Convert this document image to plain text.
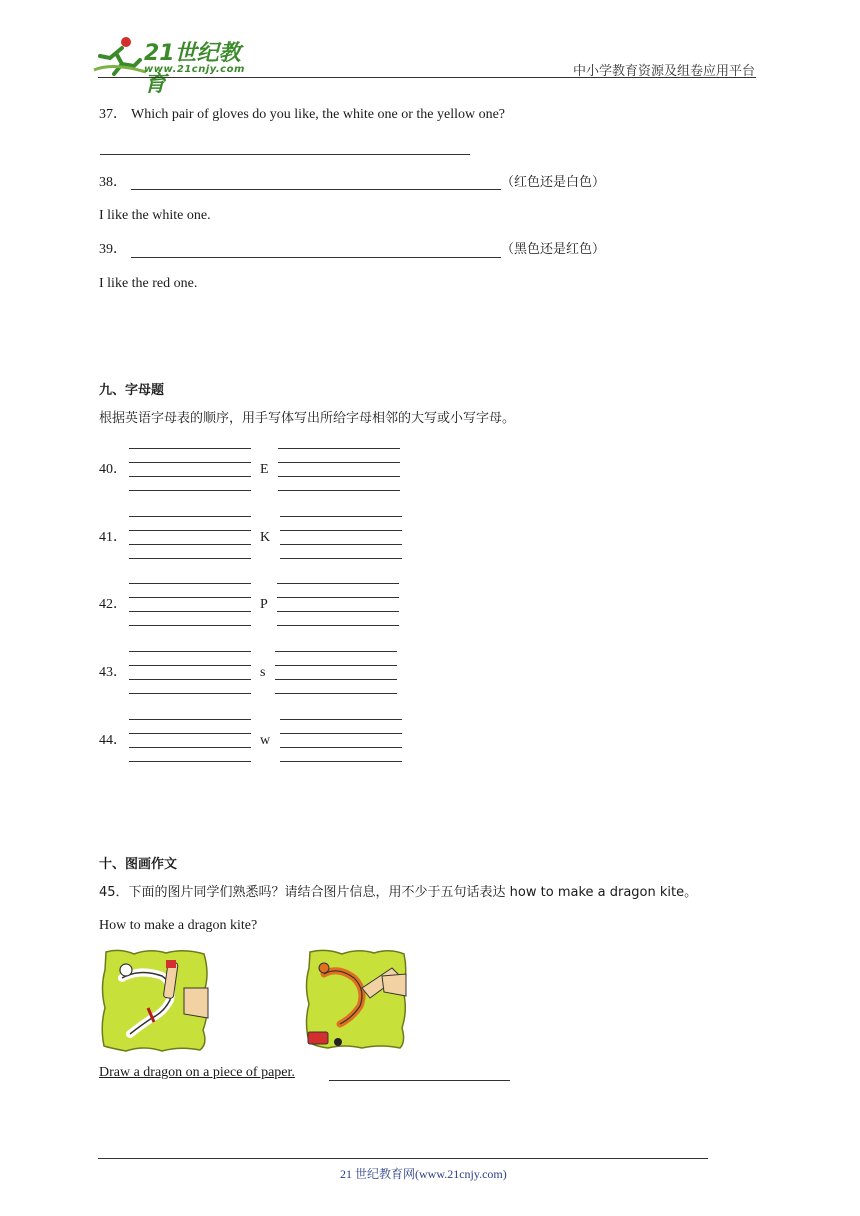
21世纪教育
www.21cnjy.com	中小学教育资源及组卷应用平台
37． Which pair of gloves do you like, the white one or the yellow one?
38．	（红色还是白色）
I like the white one.
39．	（黑色还是红色）
I like the red one.
九、字母题
根据英语字母表的顺序，用手写体写出所给字母相邻的大写或小写字母。
40．	E
41．	K
42．	P
43．	s
44．	w
十、图画作文
45．下面的图片同学们熟悉吗？请结合图片信息，用不少于五句话表达 how to make a dragon kite。
How to make a dragon kite?
Draw a dragon on a piece of paper.
21 世纪教育网(www.21cnjy.com)
